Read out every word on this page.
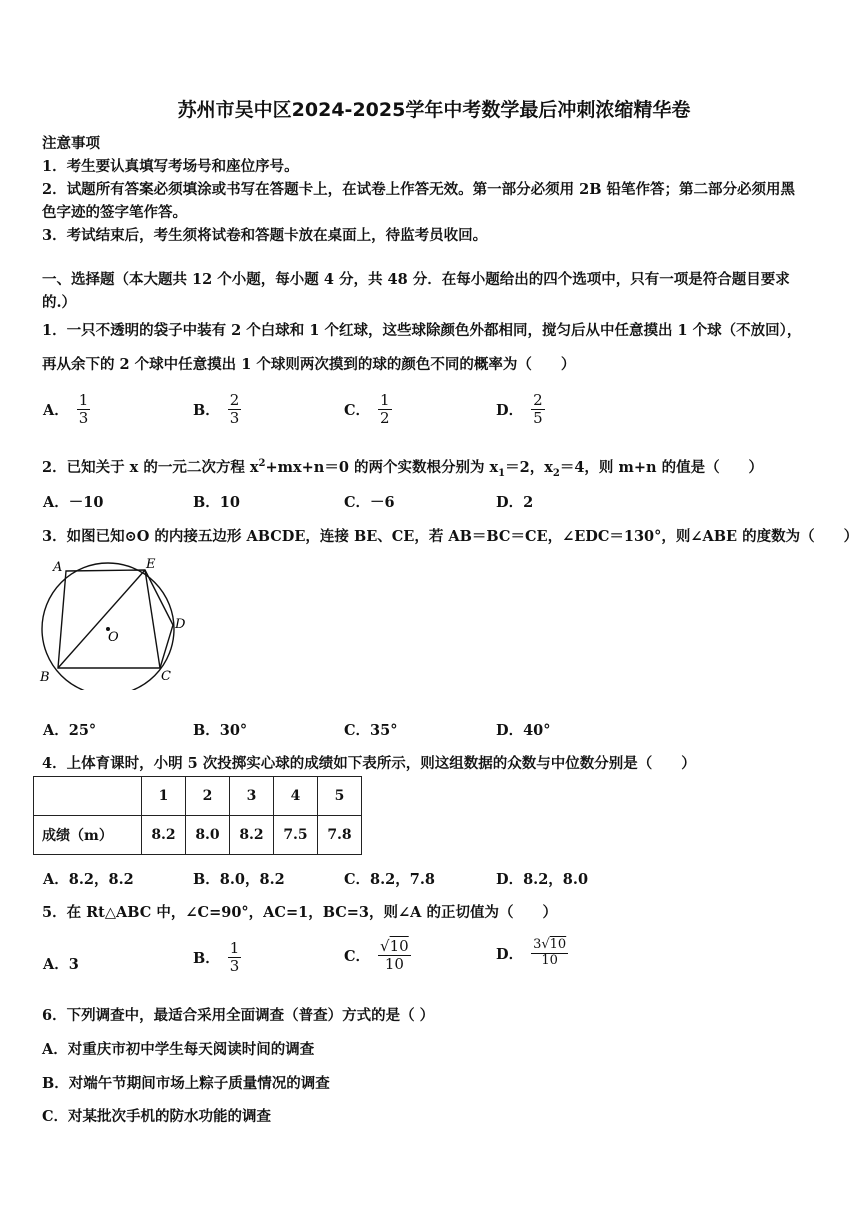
苏州市吴中区2024-2025学年中考数学最后冲刺浓缩精华卷
注意事项
1．考生要认真填写考场号和座位序号。
2．试题所有答案必须填涂或书写在答题卡上，在试卷上作答无效。第一部分必须用 2B 铅笔作答；第二部分必须用黑
色字迹的签字笔作答。
3．考试结束后，考生须将试卷和答题卡放在桌面上，待监考员收回。
一、选择题（本大题共 12 个小题，每小题 4 分，共 48 分．在每小题给出的四个选项中，只有一项是符合题目要求
的.）
1．一只不透明的袋子中装有 2 个白球和 1 个红球，这些球除颜色外都相同，搅匀后从中任意摸出 1 个球（不放回），
再从余下的 2 个球中任意摸出 1 个球则两次摸到的球的颜色不同的概率为（　　）
A． $\frac{1}{3}$	B． $\frac{2}{3}$	C． $\frac{1}{2}$	D． $\frac{2}{5}$
2．已知关于 x 的一元二次方程 $x^2+mx+n=0$ 的两个实数根分别为 $x_1=2$，$x_2=4$，则 m+n 的值是（　　）
A．－10	B．10	C．－6	D．2
3．如图已知⊙O 的内接五边形 ABCDE，连接 BE、CE，若 AB＝BC＝CE，∠EDC＝130°，则∠ABE 的度数为（　　）
A	E
D
O
B	C
A．25°	B．30°	C．35°	D．40°
4．上体育课时，小明 5 次投掷实心球的成绩如下表所示，则这组数据的众数与中位数分别是（　　）
	1	2	3	4	5
成绩（m）	8.2	8.0	8.2	7.5	7.8
A．8.2，8.2	B．8.0，8.2	C．8.2，7.8	D．8.2，8.0
5．在 Rt△ABC 中，∠C=90°，AC=1，BC=3，则∠A 的正切值为（　　）
A．3	B． $\frac{1}{3}$	C． $\frac{√10}{10}$	D． $\frac{3√10}{10}$
6．下列调查中，最适合采用全面调查（普查）方式的是（ ）
A．对重庆市初中学生每天阅读时间的调查
B．对端午节期间市场上粽子质量情况的调查
C．对某批次手机的防水功能的调查
